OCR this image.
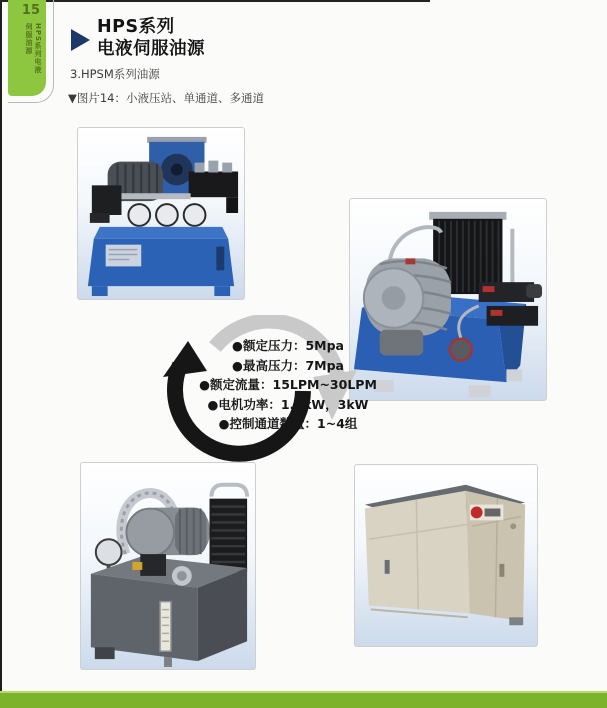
15
HPS系列电液
伺服油源	HPS系列
电液伺服油源
3.HPSM系列油源
▼图片14：小液压站、单通道、多通道
●额定压力：5Mpa
●最高压力：7Mpa
●额定流量：15LPM~30LPM
●电机功率：1.5kW，3kW
●控制通道数量：1~4组
